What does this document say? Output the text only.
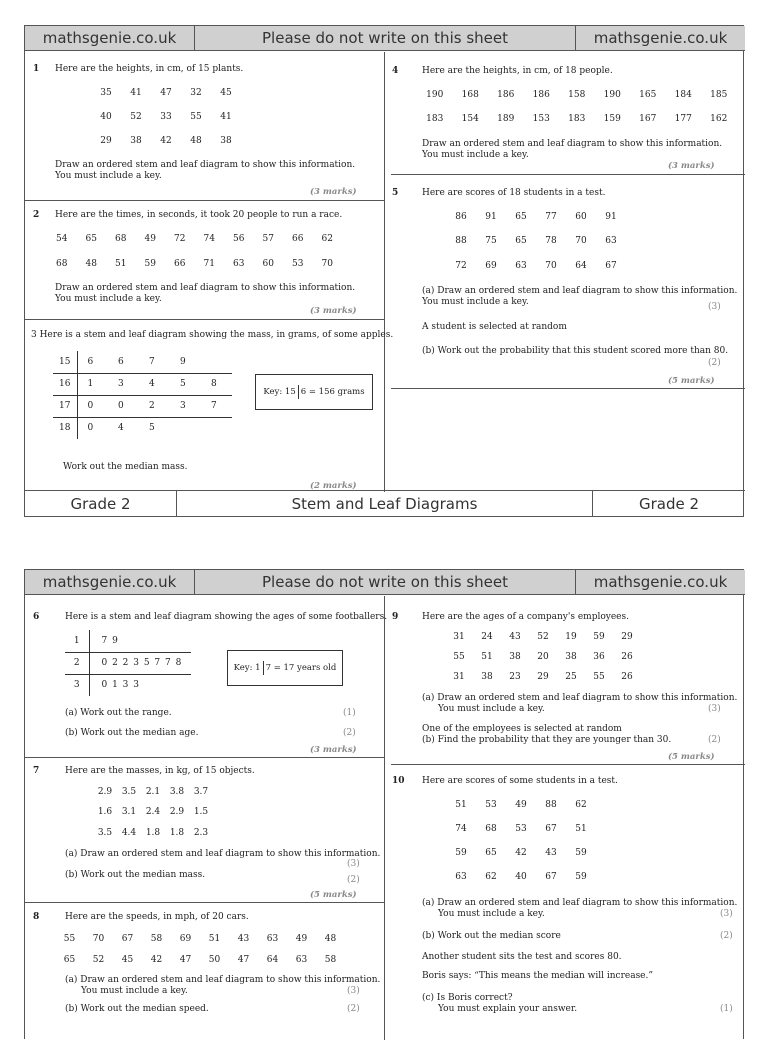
mathsgenie.co.uk	Please do not write on this sheet	mathsgenie.co.uk
1 Here are the heights, in cm, of 15 plants.
35 41 47 32 45
40 52 33 55 41
29 38 42 48 38
Draw an ordered stem and leaf diagram to show this information.
You must include a key.
(3 marks)
2 Here are the times, in seconds, it took 20 people to run a race.
54 65 68 49 72 74 56 57 66 62
68 48 51 59 66 71 63 60 53 70
Draw an ordered stem and leaf diagram to show this information.
You must include a key.
(3 marks)
3 Here is a stem and leaf diagram showing the mass, in grams, of some apples.
15	6	6	7	9	
16	1	3	4	5	8
17	0	0	2	3	7
18	0	4	5		
Key: 15 6 = 156 grams
Work out the median mass.
(2 marks)
4	Here are the heights, in cm, of 18 people.
190 168 186 186 158 190 165 184 185
183 154 189 153 183 159 167 177 162
Draw an ordered stem and leaf diagram to show this information.
You must include a key.
(3 marks)
5	Here are scores of 18 students in a test.
86 91 65 77 60 91
88 75 65 78 70 63
72 69 63 70 64 67
(a) Draw an ordered stem and leaf diagram to show this information.
You must include a key.	(3)
A student is selected at random
(b) Work out the probability that this student scored more than 80.
(2)
(5 marks)
Grade 2	Stem and Leaf Diagrams	Grade 2
mathsgenie.co.uk	Please do not write on this sheet	mathsgenie.co.uk
6	Here is a stem and leaf diagram showing the ages of some footballers.
1	7 9
2	0 2 2 3 5 7 7 8
3	0 1 3 3
Key: 1 7 = 17 years old
(a) Work out the range.	(1)
(b) Work out the median age.	(2)
(3 marks)
7	Here are the masses, in kg, of 15 objects.
2.9 3.5 2.1 3.8 3.7
1.6 3.1 2.4 2.9 1.5
3.5 4.4 1.8 1.8 2.3
(a) Draw an ordered stem and leaf diagram to show this information.
(3)
(b) Work out the median mass.	(2)
(5 marks)
8	Here are the speeds, in mph, of 20 cars.
55 70 67 58 69 51 43 63 49 48
65 52 45 42 47 50 47 64 63 58
(a) Draw an ordered stem and leaf diagram to show this information.
You must include a key.	(3)
(b) Work out the median speed.	(2)
9	Here are the ages of a company's employees.
31 24 43 52 19 59 29
55 51 38 20 38 36 26
31 38 23 29 25 55 26
(a) Draw an ordered stem and leaf diagram to show this information.
You must include a key.	(3)
One of the employees is selected at random
(b) Find the probability that they are younger than 30.	(2)
(5 marks)
10 Here are scores of some students in a test.
51 53 49 88 62
74 68 53 67 51
59 65 42 43 59
63 62 40 67 59
(a) Draw an ordered stem and leaf diagram to show this information.
You must include a key.	(3)
(b) Work out the median score	(2)
Another student sits the test and scores 80.
Boris says: “This means the median will increase.”
(c) Is Boris correct?
You must explain your answer.	(1)
